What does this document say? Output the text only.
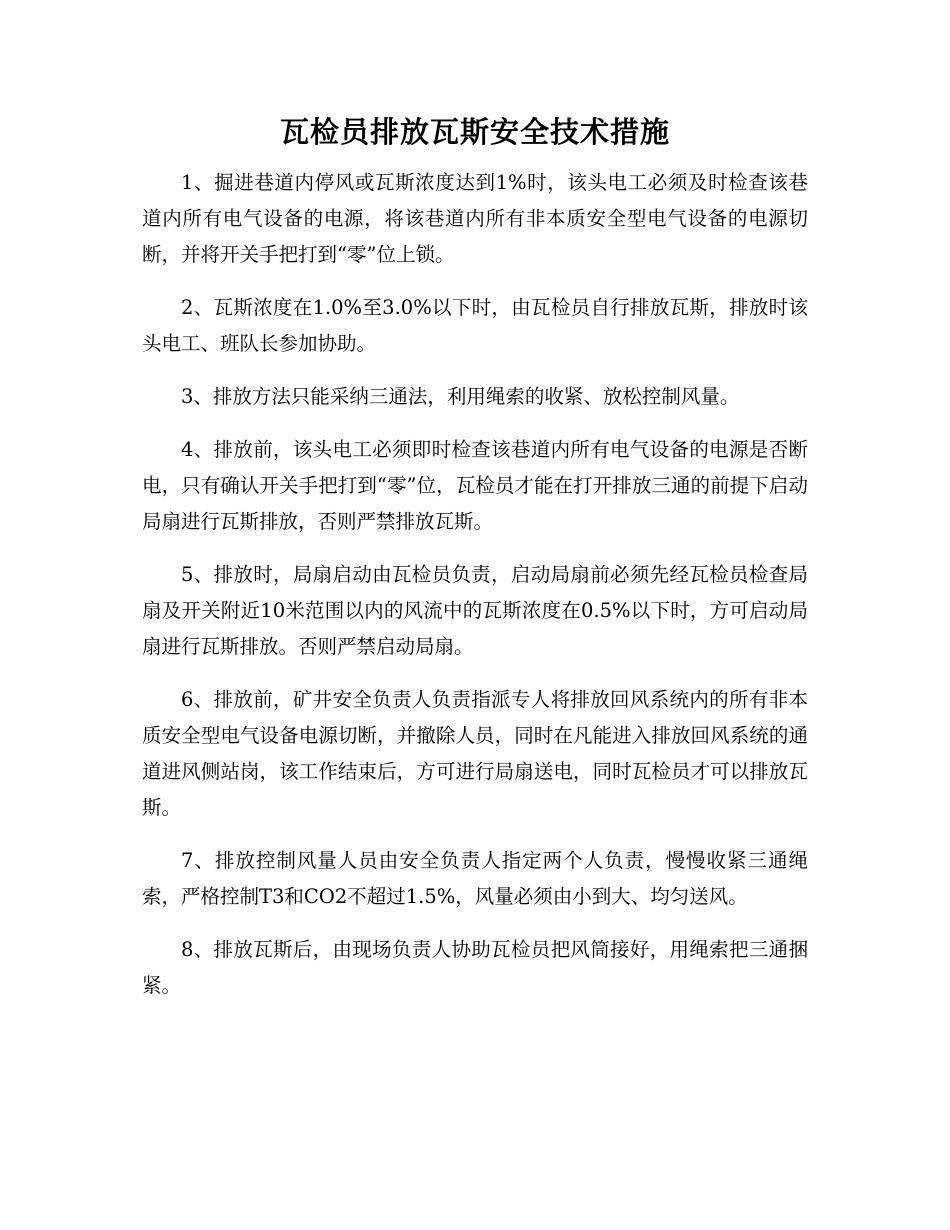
瓦检员排放瓦斯安全技术措施

1、掘进巷道内停风或瓦斯浓度达到1%时，该头电工必须及时检查该巷道内所有电气设备的电源，将该巷道内所有非本质安全型电气设备的电源切断，并将开关手把打到“零”位上锁。

2、瓦斯浓度在1.0%至3.0%以下时，由瓦检员自行排放瓦斯，排放时该头电工、班队长参加协助。

3、排放方法只能采纳三通法，利用绳索的收紧、放松控制风量。

4、排放前，该头电工必须即时检查该巷道内所有电气设备的电源是否断电，只有确认开关手把打到“零”位，瓦检员才能在打开排放三通的前提下启动局扇进行瓦斯排放，否则严禁排放瓦斯。

5、排放时，局扇启动由瓦检员负责，启动局扇前必须先经瓦检员检查局扇及开关附近10米范围以内的风流中的瓦斯浓度在0.5%以下时，方可启动局扇进行瓦斯排放。否则严禁启动局扇。

6、排放前，矿井安全负责人负责指派专人将排放回风系统内的所有非本质安全型电气设备电源切断，并撤除人员，同时在凡能进入排放回风系统的通道进风侧站岗，该工作结束后，方可进行局扇送电，同时瓦检员才可以排放瓦斯。

7、排放控制风量人员由安全负责人指定两个人负责，慢慢收紧三通绳索，严格控制T3和CO2不超过1.5%，风量必须由小到大、均匀送风。

8、排放瓦斯后，由现场负责人协助瓦检员把风筒接好，用绳索把三通捆紧。
